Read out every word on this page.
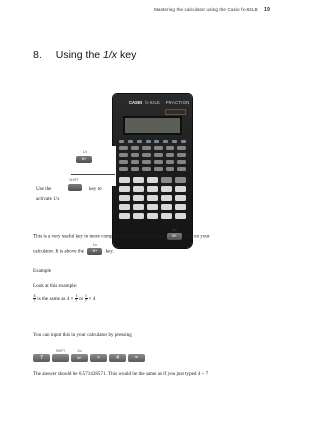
Mastering the calculator using the Casio fx-82LB 19
8. Using the 1/x key
CASIO fx-82LB FRACTION
1/x
M+
SHIFT
Use the	key to
activate 1/x
This is a very useful key in more complex calculations. Find the
1/x
M+ key on your
calculator. It is above the
1/x
M+ key.
Example
Look at this example:
$\frac{4}{7}$ is the same as $4 \times \frac{1}{7}$ or $\frac{1}{7} \times 4$
You can input this in your calculator by pressing
7
SHIFT	1/x
M+	×	4	=
The answer should be 0.571428571. This would be the same as if you just typed 4 ÷ 7
